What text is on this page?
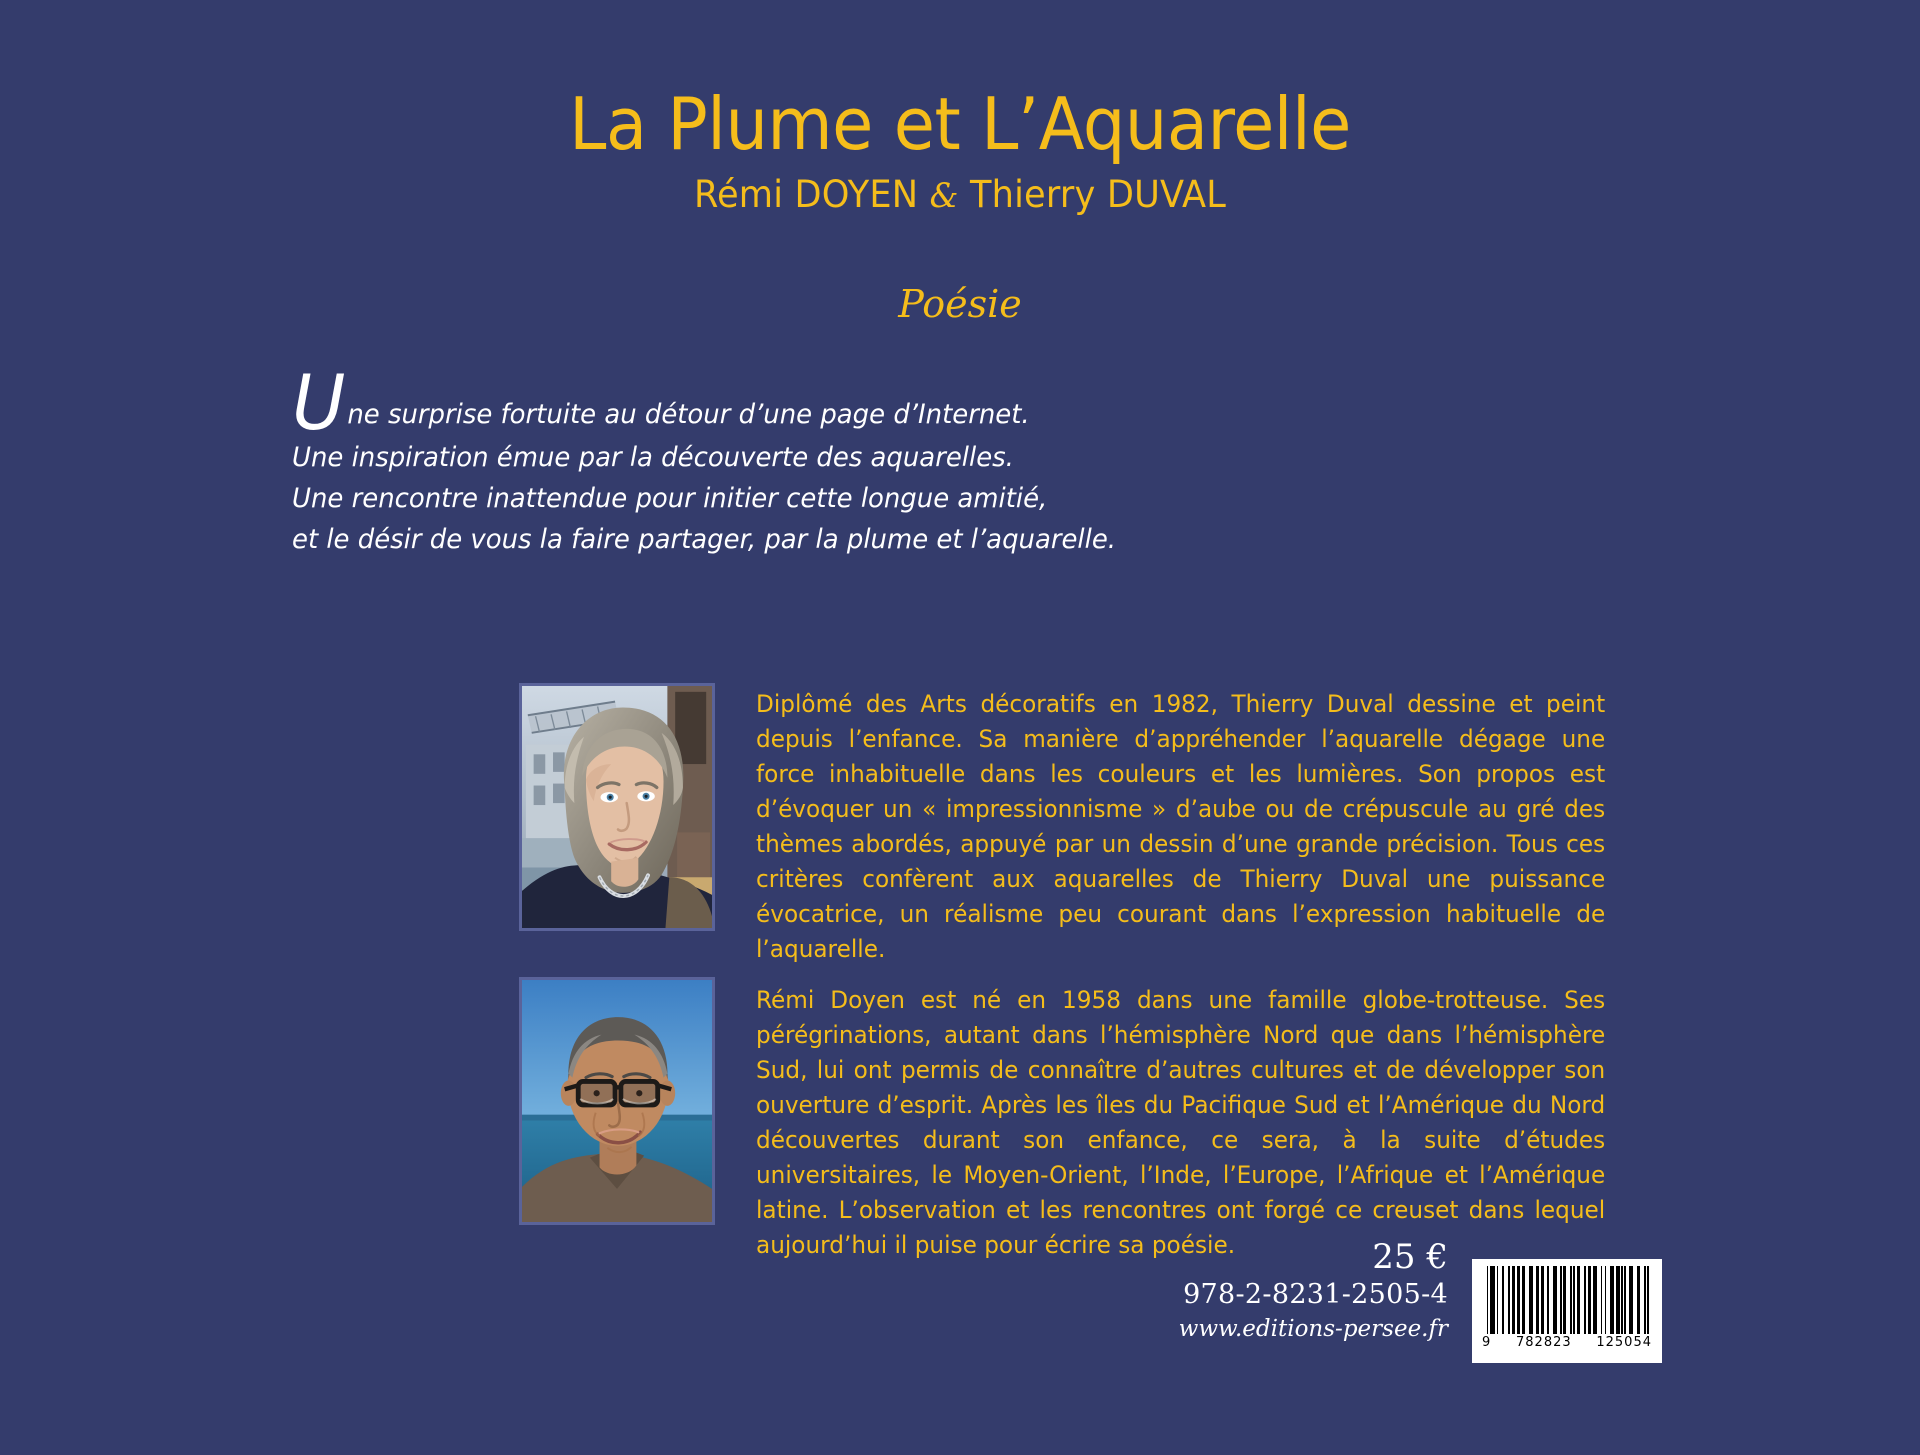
La Plume et L’Aquarelle

Rémi DOYEN & Thierry DUVAL

Poésie
Une surprise fortuite au détour d’une page d’Internet.
Une inspiration émue par la découverte des aquarelles.
Une rencontre inattendue pour initier cette longue amitié,
et le désir de vous la faire partager, par la plume et l’aquarelle.
Diplômé des Arts décoratifs en 1982, Thierry Duval dessine et peint depuis l’enfance. Sa manière d’appréhender l’aquarelle dégage une force inhabituelle dans les couleurs et les lumières. Son propos est d’évoquer un « impressionnisme » d’aube ou de crépuscule au gré des thèmes abordés, appuyé par un dessin d’une grande précision. Tous ces critères confèrent aux aquarelles de Thierry Duval une puissance évocatrice, un réalisme peu courant dans l’expression habituelle de l’aquarelle.
Rémi Doyen est né en 1958 dans une famille globe-trotteuse. Ses pérégrinations, autant dans l’hémisphère Nord que dans l’hémisphère Sud, lui ont permis de connaître d’autres cultures et de développer son ouverture d’esprit. Après les îles du Pacifique Sud et l’Amérique du Nord découvertes durant son enfance, ce sera, à la suite d’études universitaires, le Moyen-Orient, l’Inde, l’Europe, l’Afrique et l’Amérique latine. L’observation et les rencontres ont forgé ce creuset dans lequel aujourd’hui il puise pour écrire sa poésie.	25 €
978-2-8231-2505-4
www.editions-persee.fr
9 782823 125054
